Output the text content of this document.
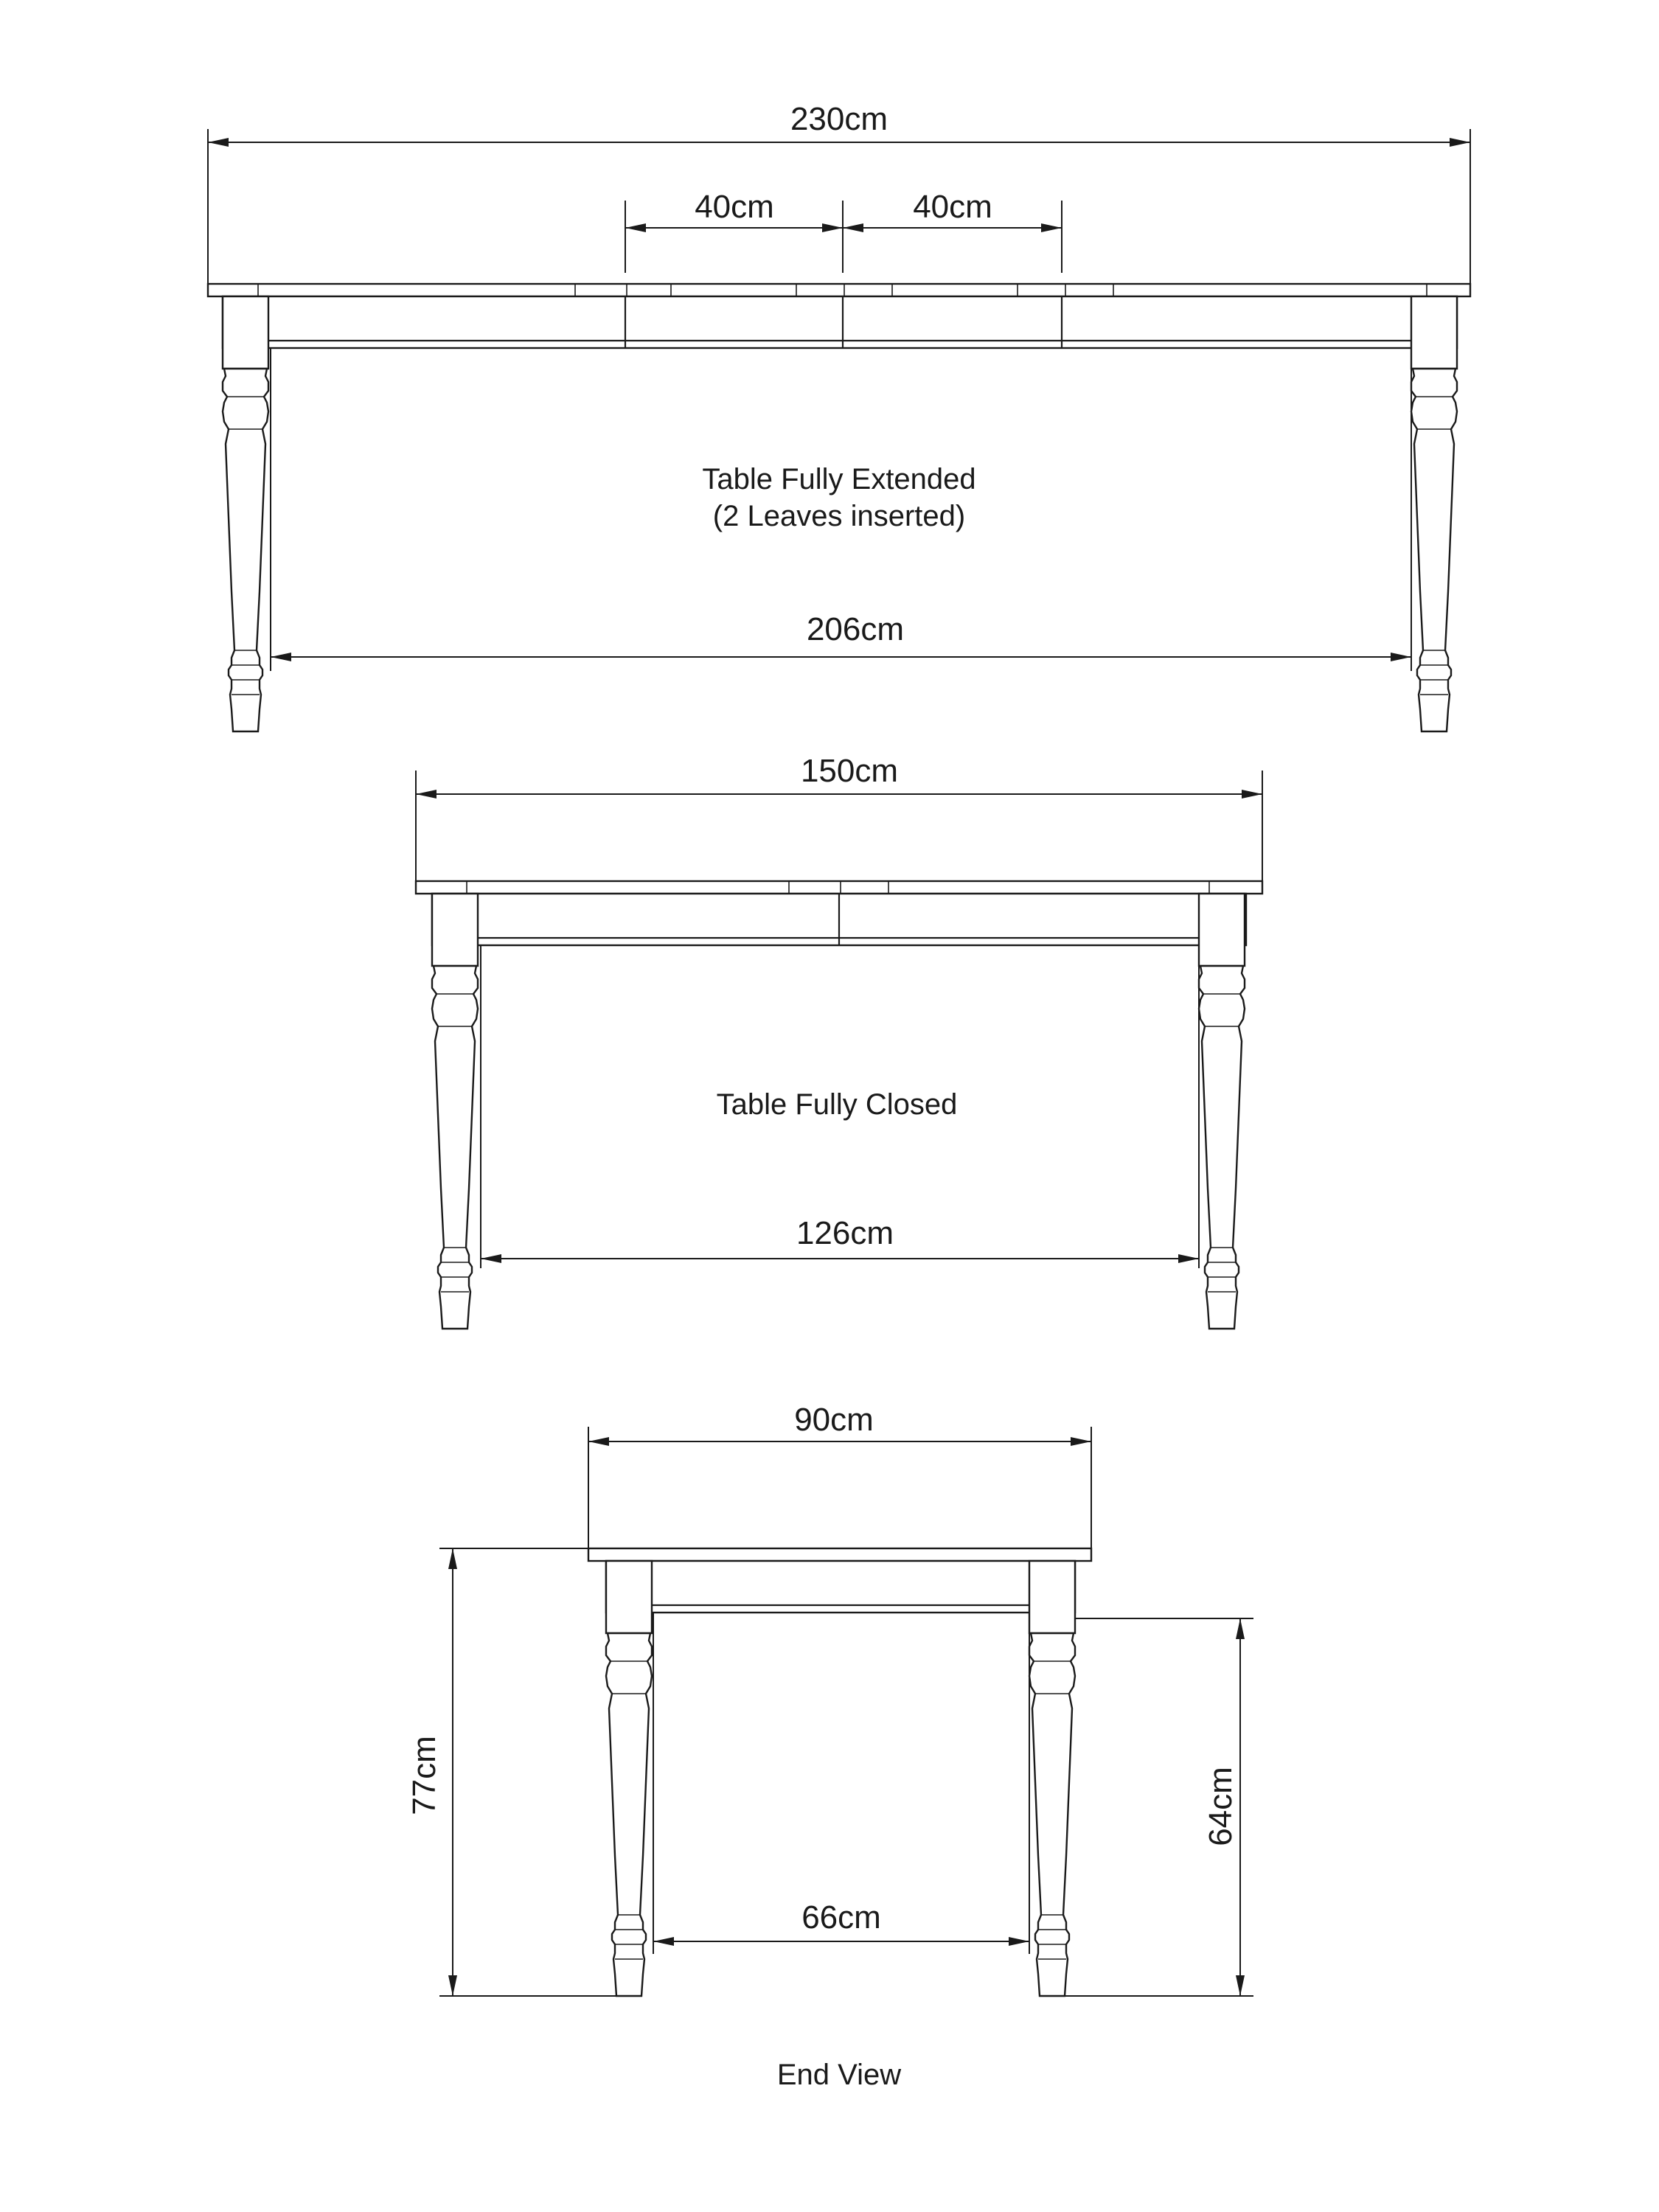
230cm
40cm	40cm
Table Fully Extended
(2 Leaves inserted)
206cm
150cm
Table Fully Closed
126cm
90cm
66cm
77cm	64cm
End View
